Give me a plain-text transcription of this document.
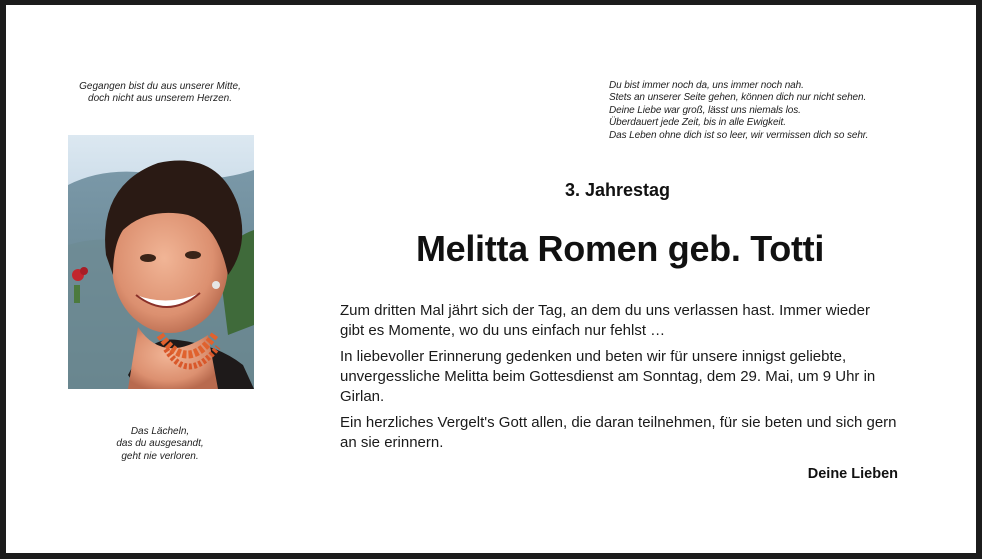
Gegangen bist du aus unserer Mitte,
doch nicht aus unserem Herzen.
Das Lächeln,
das du ausgesandt,
geht nie verloren.
Du bist immer noch da, uns immer noch nah.
Stets an unserer Seite gehen, können dich nur nicht sehen.
Deine Liebe war groß, lässt uns niemals los.
Überdauert jede Zeit, bis in alle Ewigkeit.
Das Leben ohne dich ist so leer, wir vermissen dich so sehr.
3. Jahrestag
Melitta Romen geb. Totti

Zum dritten Mal jährt sich der Tag, an dem du uns verlassen hast. Immer wieder gibt es Momente, wo du uns einfach nur fehlst …

In liebevoller Erinnerung gedenken und beten wir für unsere innigst geliebte, unvergessliche Melitta beim Gottesdienst am Sonntag, dem 29. Mai, um 9 Uhr in Girlan.

Ein herzliches Vergelt's Gott allen, die daran teilnehmen, für sie beten und sich gern an sie erinnern.

Deine Lieben
